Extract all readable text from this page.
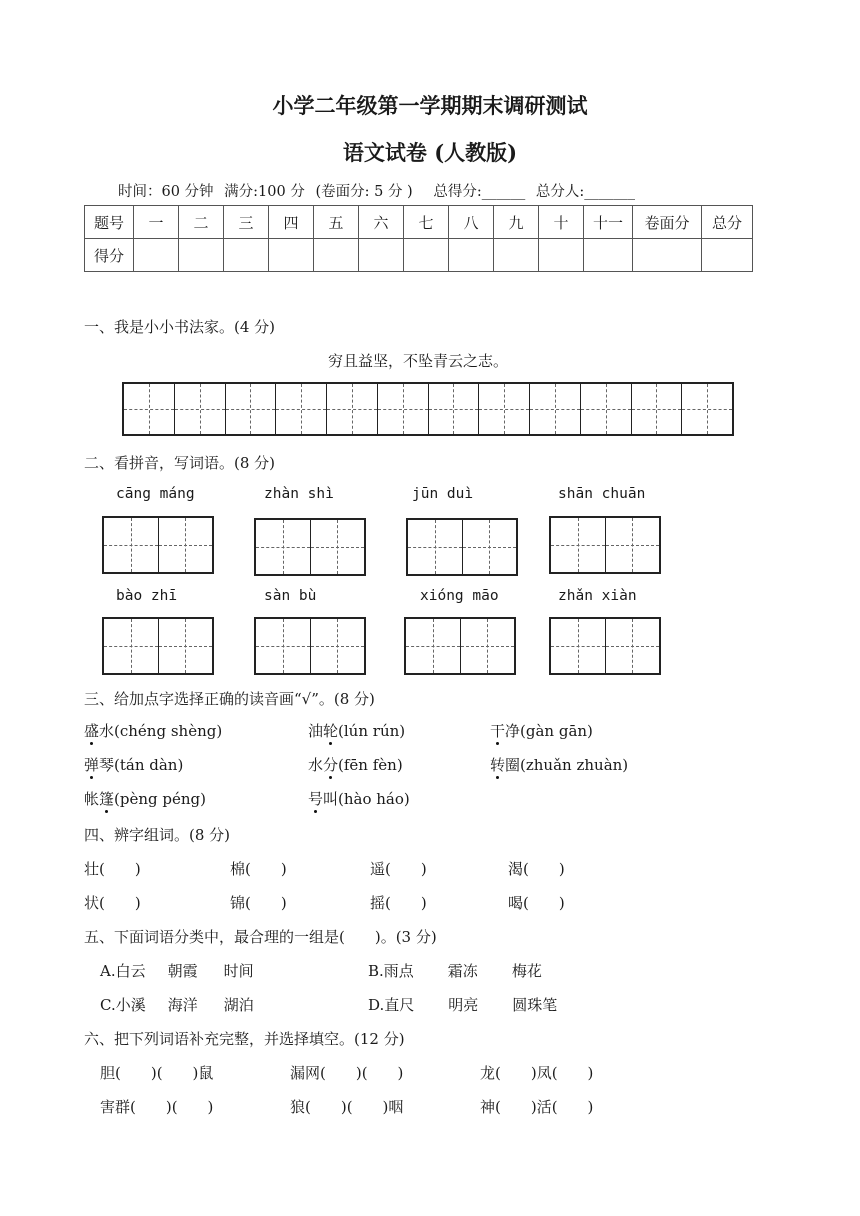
小学二年级第一学期期末调研测试
语文试卷 (人教版)
时间：60 分钟 满分:100 分 (卷面分: 5 分 ) 总得分:______ 总分人:_______
题号	一	二	三	四	五	六	七	八	九	十	十一	卷面分	总分
得分													
一、我是小小书法家。(4 分)
穷且益坚，不坠青云之志。
二、看拼音，写词语。(8 分)
cāng máng	zhàn shì	jūn duì	shān chuān
bào zhī	sàn bù	xióng māo	zhǎn xiàn
三、给加点字选择正确的读音画“√”。(8 分)
盛水(chéng shèng)	油轮(lún rún)	干净(gàn gān)
弹琴(tán dàn)	水分(fēn fèn)	转圈(zhuǎn zhuàn)
帐篷(pèng péng)	号叫(hào háo)
四、辨字组词。(8 分)
壮(　　)	棉(　　)	遥(　　)	渴(　　)
状(　　)	锦(　　)	摇(　　)	喝(　　)
五、下面词语分类中，最合理的一组是(　　)。(3 分)
A.白云 朝霞 时间	B.雨点 霜冻 梅花
C.小溪 海洋 湖泊	D.直尺 明亮 圆珠笔
六、把下列词语补充完整，并选择填空。(12 分)
胆(　　)(　　)鼠	漏网(　　)(　　)	龙(　　)凤(　　)
害群(　　)(　　)	狼(　　)(　　)咽	神(　　)活(　　)
